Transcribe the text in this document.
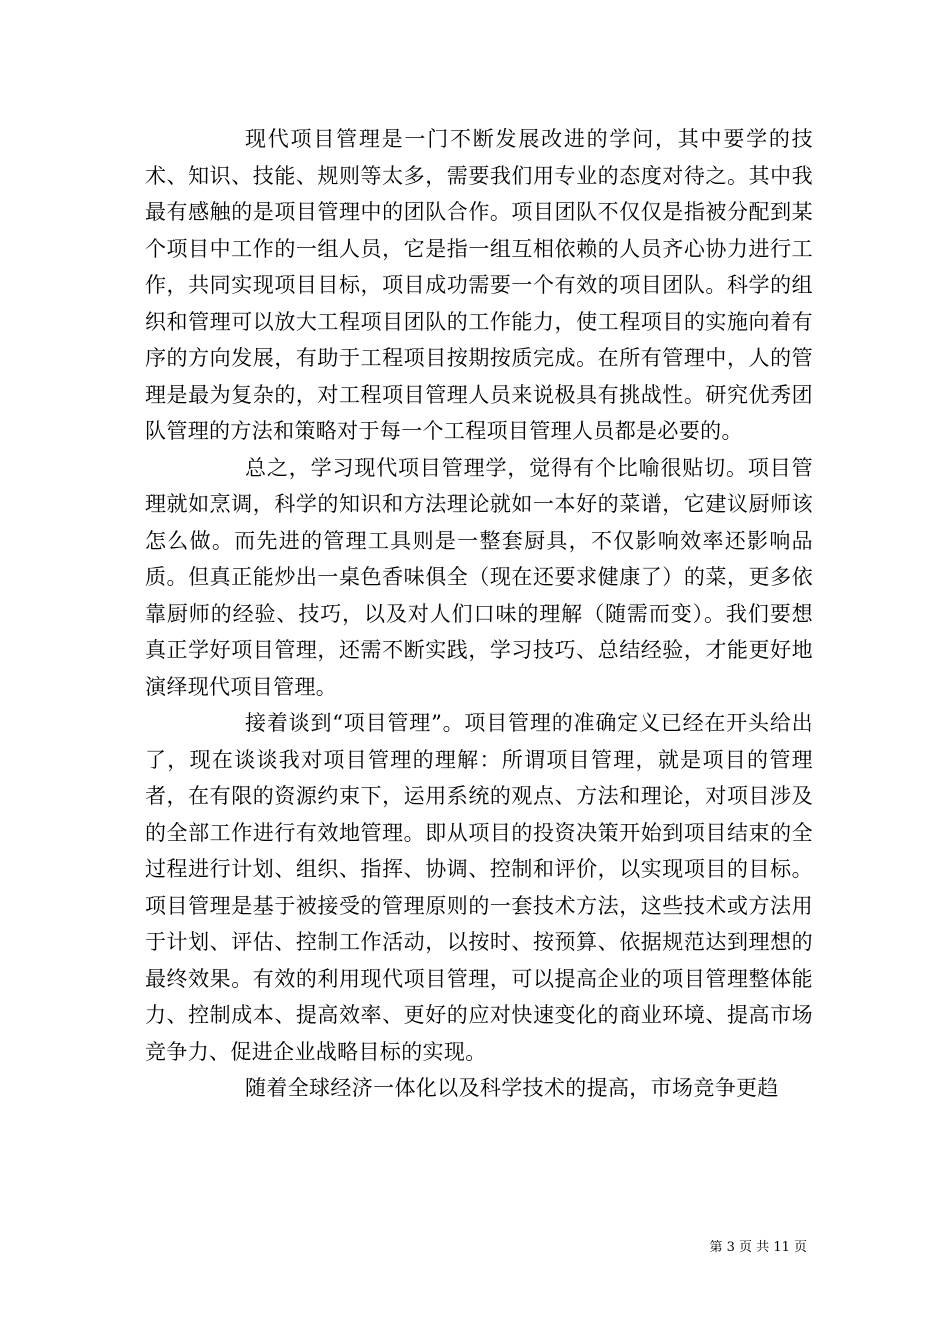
现代项目管理是一门不断发展改进的学问，其中要学的技术、知识、技能、规则等太多，需要我们用专业的态度对待之。其中我最有感触的是项目管理中的团队合作。项目团队不仅仅是指被分配到某个项目中工作的一组人员，它是指一组互相依赖的人员齐心协力进行工作，共同实现项目目标，项目成功需要一个有效的项目团队。科学的组织和管理可以放大工程项目团队的工作能力，使工程项目的实施向着有序的方向发展，有助于工程项目按期按质完成。在所有管理中，人的管理是最为复杂的，对工程项目管理人员来说极具有挑战性。研究优秀团队管理的方法和策略对于每一个工程项目管理人员都是必要的。

总之，学习现代项目管理学，觉得有个比喻很贴切。项目管理就如烹调，科学的知识和方法理论就如一本好的菜谱，它建议厨师该怎么做。而先进的管理工具则是一整套厨具，不仅影响效率还影响品质。但真正能炒出一桌色香味俱全（现在还要求健康了）的菜，更多依靠厨师的经验、技巧，以及对人们口味的理解（随需而变）。我们要想真正学好项目管理，还需不断实践，学习技巧、总结经验，才能更好地演绎现代项目管理。

接着谈到“项目管理”。项目管理的准确定义已经在开头给出了，现在谈谈我对项目管理的理解：所谓项目管理，就是项目的管理者，在有限的资源约束下，运用系统的观点、方法和理论，对项目涉及的全部工作进行有效地管理。即从项目的投资决策开始到项目结束的全过程进行计划、组织、指挥、协调、控制和评价，以实现项目的目标。项目管理是基于被接受的管理原则的一套技术方法，这些技术或方法用于计划、评估、控制工作活动，以按时、按预算、依据规范达到理想的最终效果。有效的利用现代项目管理，可以提高企业的项目管理整体能力、控制成本、提高效率、更好的应对快速变化的商业环境、提高市场竞争力、促进企业战略目标的实现。

随着全球经济一体化以及科学技术的提高，市场竞争更趋

第 3 页 共 11 页
